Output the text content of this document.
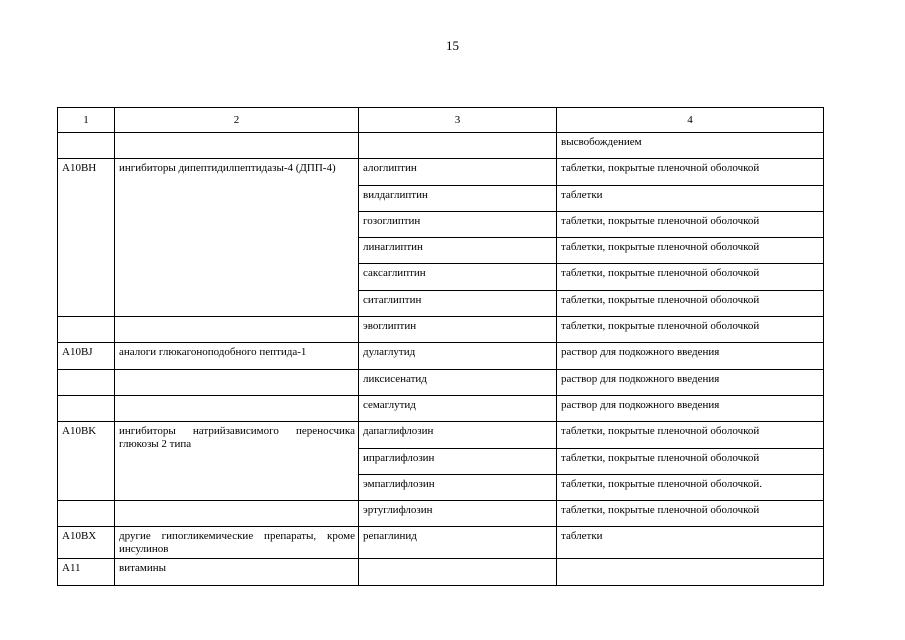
15
1	2	3	4
			высвобождением
A10BH	ингибиторы дипептидилпептидазы-4 (ДПП-4)	алоглиптин	таблетки, покрытые пленочной оболочкой
		вилдаглиптин	таблетки
		гозоглиптин	таблетки, покрытые пленочной оболочкой
		линаглиптин	таблетки, покрытые пленочной оболочкой
		саксаглиптин	таблетки, покрытые пленочной оболочкой
		ситаглиптин	таблетки, покрытые пленочной оболочкой
		эвоглиптин	таблетки, покрытые пленочной оболочкой
A10BJ	аналоги глюкагоноподобного пептида-1	дулаглутид	раствор для подкожного введения
		ликсисенатид	раствор для подкожного введения
		семаглутид	раствор для подкожного введения
A10BK	ингибиторы натрийзависимого переносчика глюкозы 2 типа	дапаглифлозин	таблетки, покрытые пленочной оболочкой
		ипраглифлозин	таблетки, покрытые пленочной оболочкой
		эмпаглифлозин	таблетки, покрытые пленочной оболочкой.
		эртуглифлозин	таблетки, покрытые пленочной оболочкой
A10BX	другие гипогликемические препараты, кроме инсулинов	репаглинид	таблетки
A11	витамины		
